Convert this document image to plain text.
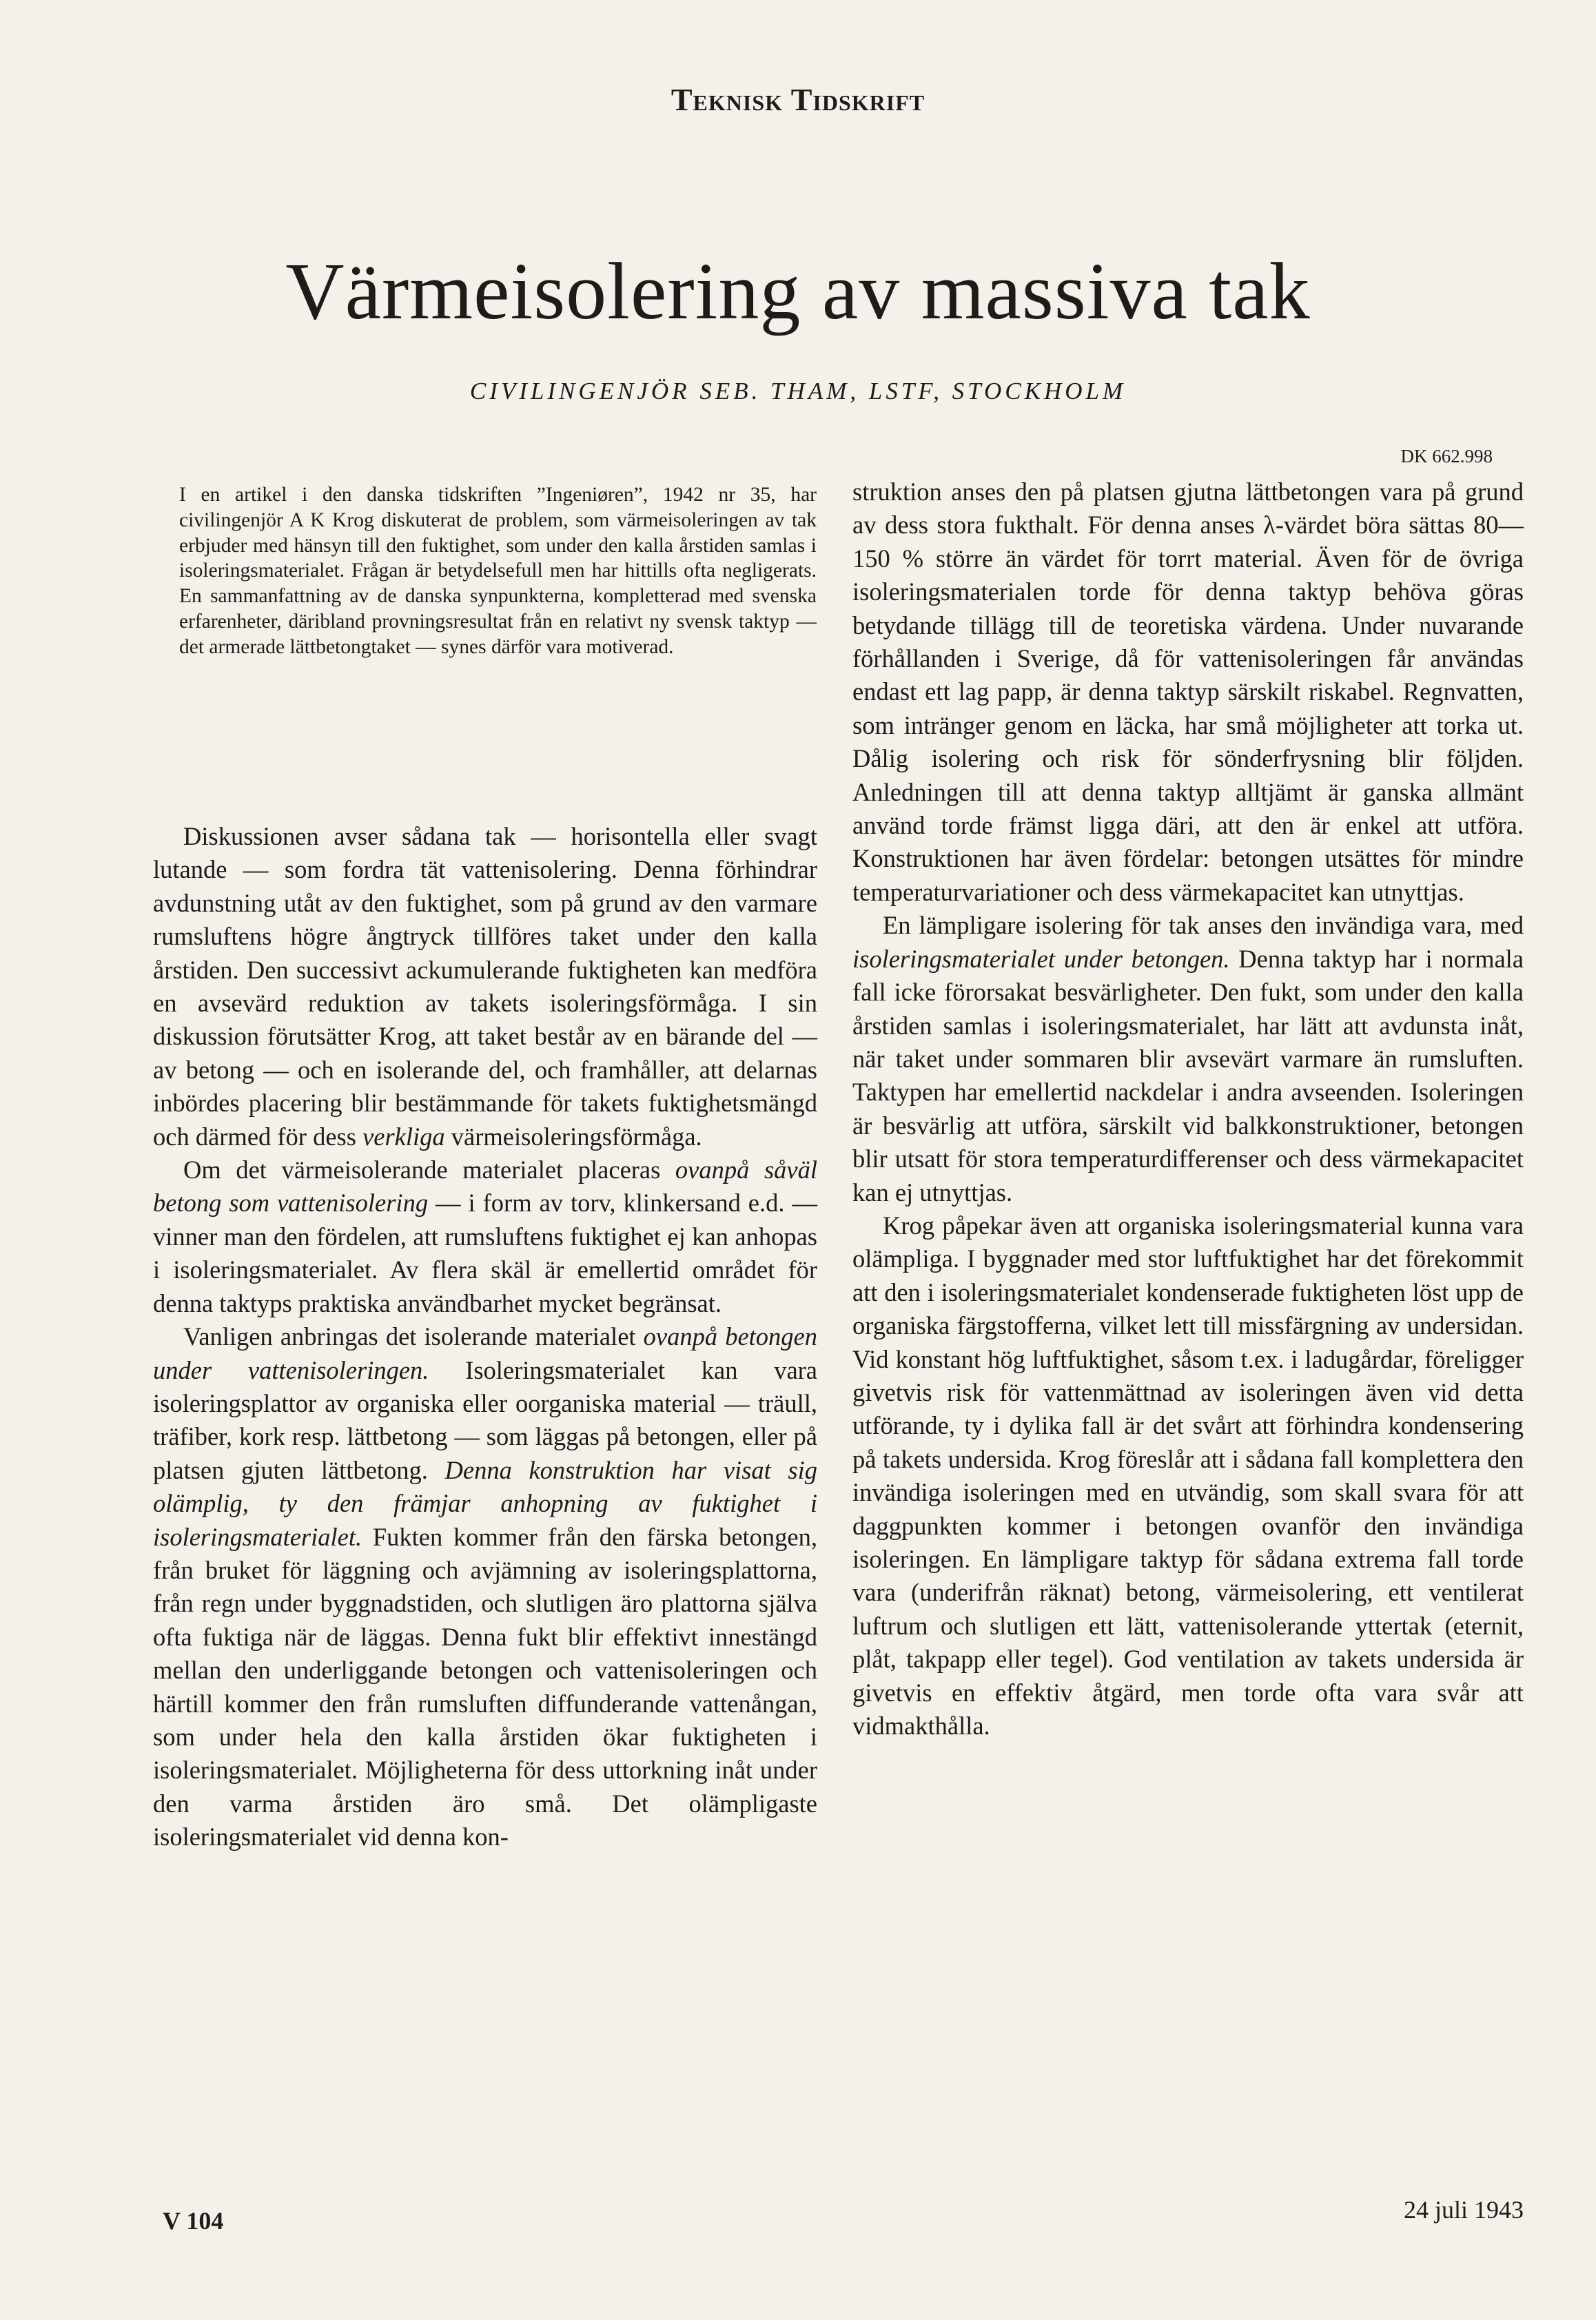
Teknisk Tidskrift
Värmeisolering av massiva tak
CIVILINGENJÖR SEB. THAM, LSTF, STOCKHOLM
DK 662.998

I en artikel i den danska tidskriften ”Ingeniøren”, 1942 nr 35, har civilingenjör A K Krog diskuterat de problem, som värmeisoleringen av tak erbjuder med hänsyn till den fuktighet, som under den kalla årstiden samlas i isoleringsmaterialet. Frågan är betydelsefull men har hittills ofta negligerats. En sammanfattning av de danska synpunkterna, kompletterad med svenska erfarenheter, däribland provningsresultat från en relativt ny svensk taktyp — det armerade lättbetongtaket — synes därför vara motiverad.

Diskussionen avser sådana tak — horisontella eller svagt lutande — som fordra tät vattenisolering. Denna förhindrar avdunstning utåt av den fuktighet, som på grund av den varmare rumsluftens högre ångtryck tillföres taket under den kalla årstiden. Den successivt ackumulerande fuktigheten kan medföra en avsevärd reduktion av takets isoleringsförmåga. I sin diskussion förutsätter Krog, att taket består av en bärande del — av betong — och en isolerande del, och framhåller, att delarnas inbördes placering blir bestämmande för takets fuktighetsmängd och därmed för dess verkliga värmeisoleringsförmåga.

Om det värmeisolerande materialet placeras ovanpå såväl betong som vattenisolering — i form av torv, klinkersand e.d. — vinner man den fördelen, att rumsluftens fuktighet ej kan anhopas i isoleringsmaterialet. Av flera skäl är emellertid området för denna taktyps praktiska användbarhet mycket begränsat.

Vanligen anbringas det isolerande materialet ovanpå betongen under vattenisoleringen. Isoleringsmaterialet kan vara isoleringsplattor av organiska eller oorganiska material — träull, träfiber, kork resp. lättbetong — som läggas på betongen, eller på platsen gjuten lättbetong. Denna konstruktion har visat sig olämplig, ty den främjar anhopning av fuktighet i isoleringsmaterialet. Fukten kommer från den färska betongen, från bruket för läggning och avjämning av isoleringsplattorna, från regn under byggnadstiden, och slutligen äro plattorna själva ofta fuktiga när de läggas. Denna fukt blir effektivt innestängd mellan den underliggande betongen och vattenisoleringen och härtill kommer den från rumsluften diffunderande vattenångan, som under hela den kalla årstiden ökar fuktigheten i isoleringsmaterialet. Möjligheterna för dess uttorkning inåt under den varma årstiden äro små. Det olämpligaste isoleringsmaterialet vid denna kon-

struktion anses den på platsen gjutna lättbetongen vara på grund av dess stora fukthalt. För denna anses λ-värdet böra sättas 80—150 % större än värdet för torrt material. Även för de övriga isoleringsmaterialen torde för denna taktyp behöva göras betydande tillägg till de teoretiska värdena. Under nuvarande förhållanden i Sverige, då för vattenisoleringen får användas endast ett lag papp, är denna taktyp särskilt riskabel. Regnvatten, som intränger genom en läcka, har små möjligheter att torka ut. Dålig isolering och risk för sönderfrysning blir följden. Anledningen till att denna taktyp alltjämt är ganska allmänt använd torde främst ligga däri, att den är enkel att utföra. Konstruktionen har även fördelar: betongen utsättes för mindre temperaturvariationer och dess värmekapacitet kan utnyttjas.

En lämpligare isolering för tak anses den invändiga vara, med isoleringsmaterialet under betongen. Denna taktyp har i normala fall icke förorsakat besvärligheter. Den fukt, som under den kalla årstiden samlas i isoleringsmaterialet, har lätt att avdunsta inåt, när taket under sommaren blir avsevärt varmare än rumsluften. Taktypen har emellertid nackdelar i andra avseenden. Isoleringen är besvärlig att utföra, särskilt vid balkkonstruktioner, betongen blir utsatt för stora temperaturdifferenser och dess värmekapacitet kan ej utnyttjas.

Krog påpekar även att organiska isoleringsmaterial kunna vara olämpliga. I byggnader med stor luftfuktighet har det förekommit att den i isoleringsmaterialet kondenserade fuktigheten löst upp de organiska färgstofferna, vilket lett till missfärgning av undersidan. Vid konstant hög luftfuktighet, såsom t.ex. i ladugårdar, föreligger givetvis risk för vattenmättnad av isoleringen även vid detta utförande, ty i dylika fall är det svårt att förhindra kondensering på takets undersida. Krog föreslår att i sådana fall komplettera den invändiga isoleringen med en utvändig, som skall svara för att daggpunkten kommer i betongen ovanför den invändiga isoleringen. En lämpligare taktyp för sådana extrema fall torde vara (underifrån räknat) betong, värmeisolering, ett ventilerat luftrum och slutligen ett lätt, vattenisolerande yttertak (eternit, plåt, takpapp eller tegel). God ventilation av takets undersida är givetvis en effektiv åtgärd, men torde ofta vara svår att vidmakthålla.

V 104	24 juli 1943
